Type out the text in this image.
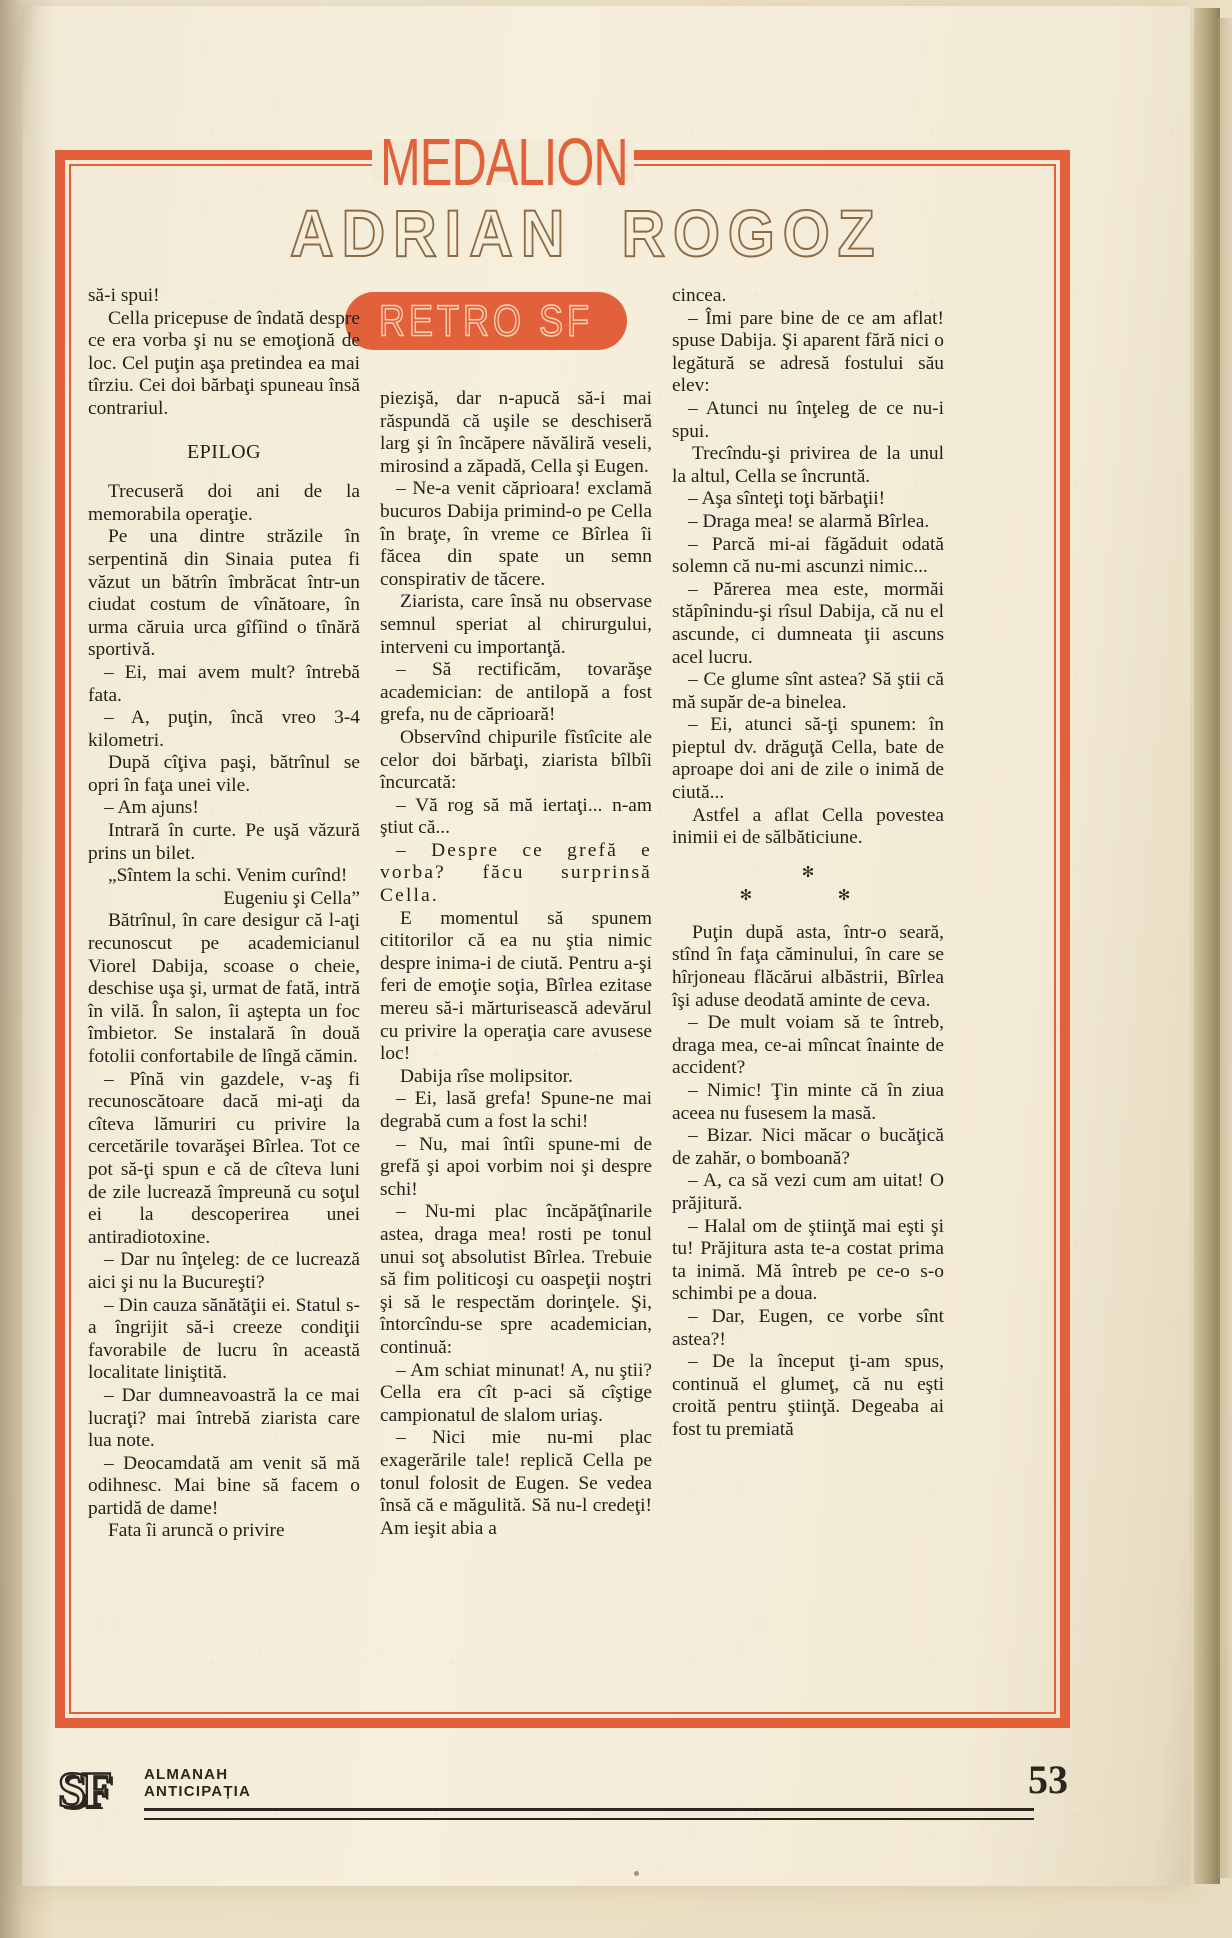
MEDALION
ADRIAN  ROGOZ
RETRO SF

să-i spui!

Cella pricepuse de îndată despre ce era vorba şi nu se emoţionă de loc. Cel puţin aşa pretindea ea mai tîrziu. Cei doi bărbaţi spuneau însă contrariul.

EPILOG

Trecuseră doi ani de la memorabila operaţie.

Pe una dintre străzile în serpentină din Sinaia putea fi văzut un bătrîn îmbrăcat într-un ciudat costum de vînătoare, în urma căruia urca gîfîind o tînără sportivă.

– Ei, mai avem mult? întrebă fata.

– A, puţin, încă vreo 3-4 kilometri.

După cîţiva paşi, bătrînul se opri în faţa unei vile.

– Am ajuns!

Intrară în curte. Pe uşă văzură prins un bilet.

„Sîntem la schi. Venim curînd!

Eugeniu şi Cella”

Bătrînul, în care desigur că l-aţi recunoscut pe academicianul Viorel Dabija, scoase o cheie, deschise uşa şi, urmat de fată, intră în vilă. În salon, îi aştepta un foc îmbietor. Se instalară în două fotolii confortabile de lîngă cămin.

– Pînă vin gazdele, v-aş fi recunoscătoare dacă mi-aţi da cîteva lămuriri cu privire la cercetările tovarăşei Bîrlea. Tot ce pot să-ţi spun e că de cîteva luni de zile lucrează împreună cu soţul ei la descoperirea unei antiradiotoxine.

– Dar nu înţeleg: de ce lucrează aici şi nu la Bucureşti?

– Din cauza sănătăţii ei. Statul s-a îngrijit să-i creeze condiţii favorabile de lucru în această localitate liniştită.

– Dar dumneavoastră la ce mai lucraţi? mai întrebă ziarista care lua note.

– Deocamdată am venit să mă odihnesc. Mai bine să facem o partidă de dame!

Fata îi aruncă o privire

piezişă, dar n-apucă să-i mai răspundă că uşile se deschiseră larg şi în încăpere năvăliră veseli, mirosind a zăpadă, Cella şi Eugen.

– Ne-a venit căprioara! exclamă bucuros Dabija primind-o pe Cella în braţe, în vreme ce Bîrlea îi făcea din spate un semn conspirativ de tăcere.

Ziarista, care însă nu observase semnul speriat al chirurgului, interveni cu importanţă.

– Să rectificăm, tovarăşe academician: de antilopă a fost grefa, nu de căprioară!

Observînd chipurile fîstîcite ale celor doi bărbaţi, ziarista bîlbîi încurcată:

– Vă rog să mă iertaţi... n-am ştiut că...

– Despre ce grefă e vorba? făcu surprinsă Cella.

E momentul să spunem cititorilor că ea nu ştia nimic despre inima-i de ciută. Pentru a-şi feri de emoţie soţia, Bîrlea ezitase mereu să-i mărturisească adevărul cu privire la operaţia care avusese loc!

Dabija rîse molipsitor.

– Ei, lasă grefa! Spune-ne mai degrabă cum a fost la schi!

– Nu, mai întîi spune-mi de grefă şi apoi vorbim noi şi despre schi!

– Nu-mi plac încăpăţînarile astea, draga mea! rosti pe tonul unui soţ absolutist Bîrlea. Trebuie să fim politicoşi cu oaspeţii noştri şi să le respectăm dorinţele. Şi, întorcîndu-se spre academician, continuă:

– Am schiat minunat! A, nu ştii? Cella era cît p-aci să cîştige campionatul de slalom uriaş.

– Nici mie nu-mi plac exagerările tale! replică Cella pe tonul folosit de Eugen. Se vedea însă că e măgulită. Să nu-l credeţi! Am ieşit abia a

cincea.

– Îmi pare bine de ce am aflat! spuse Dabija. Şi aparent fără nici o legătură se adresă fostului său elev:

– Atunci nu înţeleg de ce nu-i spui.

Trecîndu-şi privirea de la unul la altul, Cella se încruntă.

– Aşa sînteţi toţi bărbaţii!

– Draga mea! se alarmă Bîrlea.

– Parcă mi-ai făgăduit odată solemn că nu-mi ascunzi nimic...

– Părerea mea este, mormăi stăpînindu-şi rîsul Dabija, că nu el ascunde, ci dumneata ţii ascuns acel lucru.

– Ce glume sînt astea? Să ştii că mă supăr de-a binelea.

– Ei, atunci să-ţi spunem: în pieptul dv. drăguţă Cella, bate de aproape doi ani de zile o inimă de ciută...

Astfel a aflat Cella povestea inimii ei de sălbăticiune.

✻
✻  ✻

Puţin după asta, într-o seară, stînd în faţa căminului, în care se hîrjoneau flăcărui albăstrii, Bîrlea îşi aduse deodată aminte de ceva.

– De mult voiam să te întreb, draga mea, ce-ai mîncat înainte de accident?

– Nimic! Ţin minte că în ziua aceea nu fusesem la masă.

– Bizar. Nici măcar o bucăţică de zahăr, o bomboană?

– A, ca să vezi cum am uitat! O prăjitură.

– Halal om de ştiinţă mai eşti şi tu! Prăjitura asta te-a costat prima ta inimă. Mă întreb pe ce-o s-o schimbi pe a doua.

– Dar, Eugen, ce vorbe sînt astea?!

– De la început ţi-am spus, continuă el glumeţ, că nu eşti croită pentru ştiinţă. Degeaba ai fost tu premiată

SF ALMANAH
ANTICIPAȚIA	53
